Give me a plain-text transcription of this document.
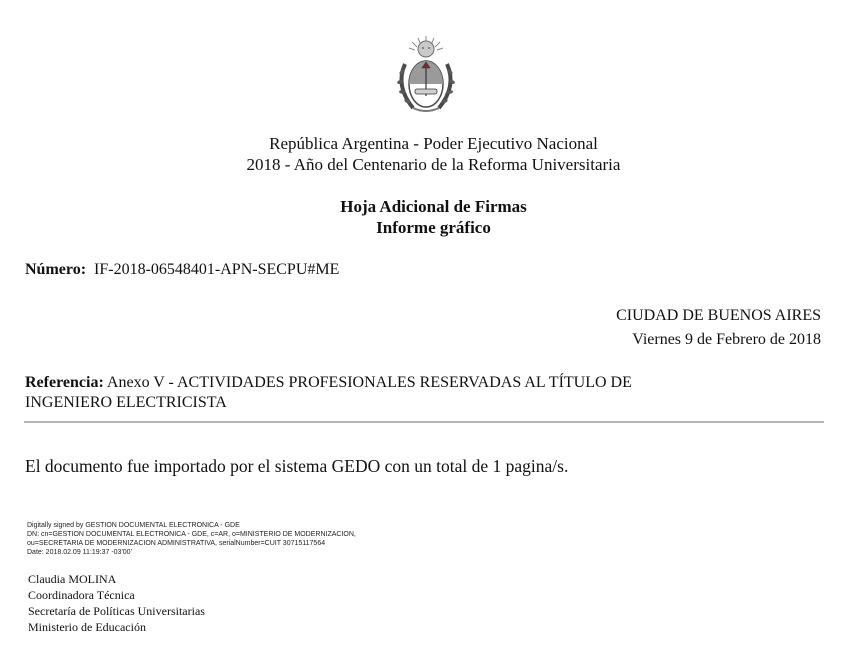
República Argentina - Poder Ejecutivo Nacional
2018 - Año del Centenario de la Reforma Universitaria
Hoja Adicional de Firmas
Informe gráfico
Número: IF-2018-06548401-APN-SECPU#ME
CIUDAD DE BUENOS AIRES
Viernes 9 de Febrero de 2018
Referencia: Anexo V - ACTIVIDADES PROFESIONALES RESERVADAS AL TÍTULO DE
INGENIERO ELECTRICISTA
El documento fue importado por el sistema GEDO con un total de 1 pagina/s.
Digitally signed by GESTION DOCUMENTAL ELECTRONICA - GDE
DN: cn=GESTION DOCUMENTAL ELECTRONICA - GDE, c=AR, o=MINISTERIO DE MODERNIZACION,
ou=SECRETARIA DE MODERNIZACION ADMINISTRATIVA, serialNumber=CUIT 30715117564
Date: 2018.02.09 11:19:37 -03'00'
Claudia MOLINA
Coordinadora Técnica
Secretaría de Políticas Universitarias
Ministerio de Educación
